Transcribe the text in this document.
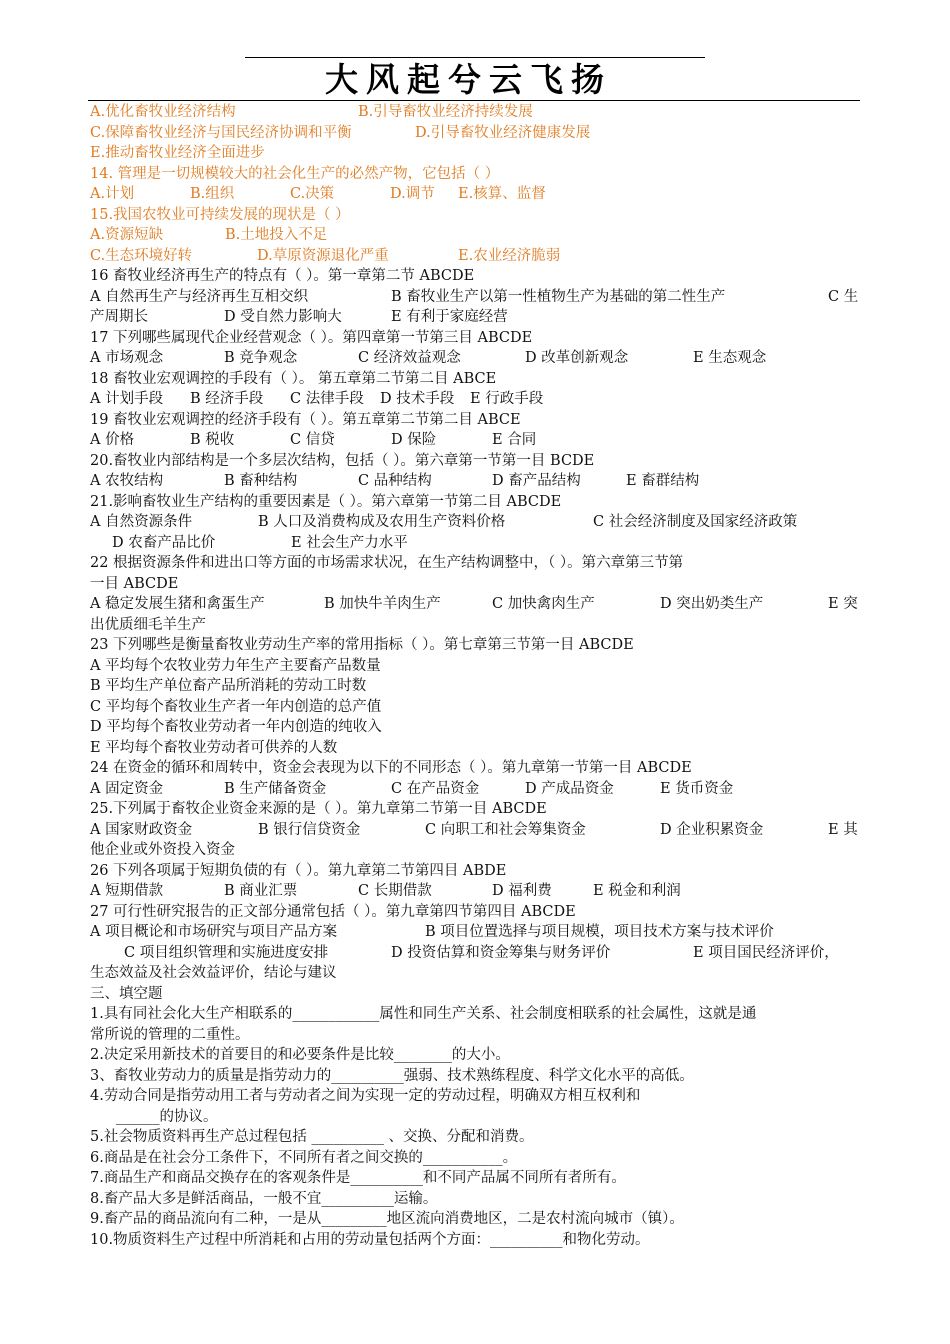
大风起兮云飞扬
A.优化畜牧业经济结构	B.引导畜牧业经济持续发展
C.保障畜牧业经济与国民经济协调和平衡	D.引导畜牧业经济健康发展
E.推动畜牧业经济全面进步
14. 管理是一切规模较大的社会化生产的必然产物，它包括（ ）
A.计划	B.组织	C.决策	D.调节 E.核算、监督
15.我国农牧业可持续发展的现状是（ ）
A.资源短缺	B.土地投入不足
C.生态环境好转	D.草原资源退化严重	E.农业经济脆弱
16 畜牧业经济再生产的特点有（ ）。第一章第二节 ABCDE
A 自然再生产与经济再生互相交织	B 畜牧业生产以第一性植物生产为基础的第二性生产	C 生
产周期长	D 受自然力影响大	E 有利于家庭经营
17 下列哪些属现代企业经营观念（ ）。第四章第一节第三目 ABCDE
A 市场观念	B 竞争观念	C 经济效益观念	D 改革创新观念	E 生态观念
18 畜牧业宏观调控的手段有（ ）。 第五章第二节第二目 ABCE
A 计划手段 B 经济手段 C 法律手段 D 技术手段 E 行政手段
19 畜牧业宏观调控的经济手段有（ ）。第五章第二节第二目 ABCE
A 价格	B 税收	C 信贷	D 保险	E 合同
20.畜牧业内部结构是一个多层次结构，包括（ ）。第六章第一节第一目 BCDE
A 农牧结构	B 畜种结构	C 品种结构	D 畜产品结构	E 畜群结构
21.影响畜牧业生产结构的重要因素是（ ）。第六章第一节第二目 ABCDE
A 自然资源条件	B 人口及消费构成及农用生产资料价格	C 社会经济制度及国家经济政策
D 农畜产品比价	E 社会生产力水平
22 根据资源条件和进出口等方面的市场需求状况，在生产结构调整中，（ ）。第六章第三节第
一目 ABCDE
A 稳定发展生猪和禽蛋生产	B 加快牛羊肉生产	C 加快禽肉生产	D 突出奶类生产	E 突
出优质细毛羊生产
23 下列哪些是衡量畜牧业劳动生产率的常用指标（ ）。第七章第三节第一目 ABCDE
A 平均每个农牧业劳力年生产主要畜产品数量
B 平均生产单位畜产品所消耗的劳动工时数
C 平均每个畜牧业生产者一年内创造的总产值
D 平均每个畜牧业劳动者一年内创造的纯收入
E 平均每个畜牧业劳动者可供养的人数
24 在资金的循环和周转中，资金会表现为以下的不同形态（ ）。第九章第一节第一目 ABCDE
A 固定资金	B 生产储备资金	C 在产品资金	D 产成品资金	E 货币资金
25.下列属于畜牧企业资金来源的是（ ）。第九章第二节第一目 ABCDE
A 国家财政资金	B 银行信贷资金	C 向职工和社会筹集资金	D 企业积累资金	E 其
他企业或外资投入资金
26 下列各项属于短期负债的有（ ）。第九章第二节第四目 ABDE
A 短期借款	B 商业汇票	C 长期借款	D 福利费	E 税金和利润
27 可行性研究报告的正文部分通常包括（ ）。第九章第四节第四目 ABCDE
A 项目概论和市场研究与项目产品方案	B 项目位置选择与项目规模，项目技术方案与技术评价
C 项目组织管理和实施进度安排	D 投资估算和资金筹集与财务评价	E 项目国民经济评价，
生态效益及社会效益评价，结论与建议
三、填空题
1.具有同社会化大生产相联系的____________属性和同生产关系、社会制度相联系的社会属性，这就是通
常所说的管理的二重性。
2.决定采用新技术的首要目的和必要条件是比较________的大小。
3、畜牧业劳动力的质量是指劳动力的__________强弱、技术熟练程度、科学文化水平的高低。
4.劳动合同是指劳动用工者与劳动者之间为实现一定的劳动过程，明确双方相互权利和
______的协议。
5.社会物质资料再生产总过程包括 __________ 、交换、分配和消费。
6.商品是在社会分工条件下，不同所有者之间交换的___________。
7.商品生产和商品交换存在的客观条件是__________和不同产品属不同所有者所有。
8.畜产品大多是鲜活商品，一般不宜__________运输。
9.畜产品的商品流向有二种，一是从_________地区流向消费地区，二是农村流向城市（镇）。
10.物质资料生产过程中所消耗和占用的劳动量包括两个方面：__________和物化劳动。
